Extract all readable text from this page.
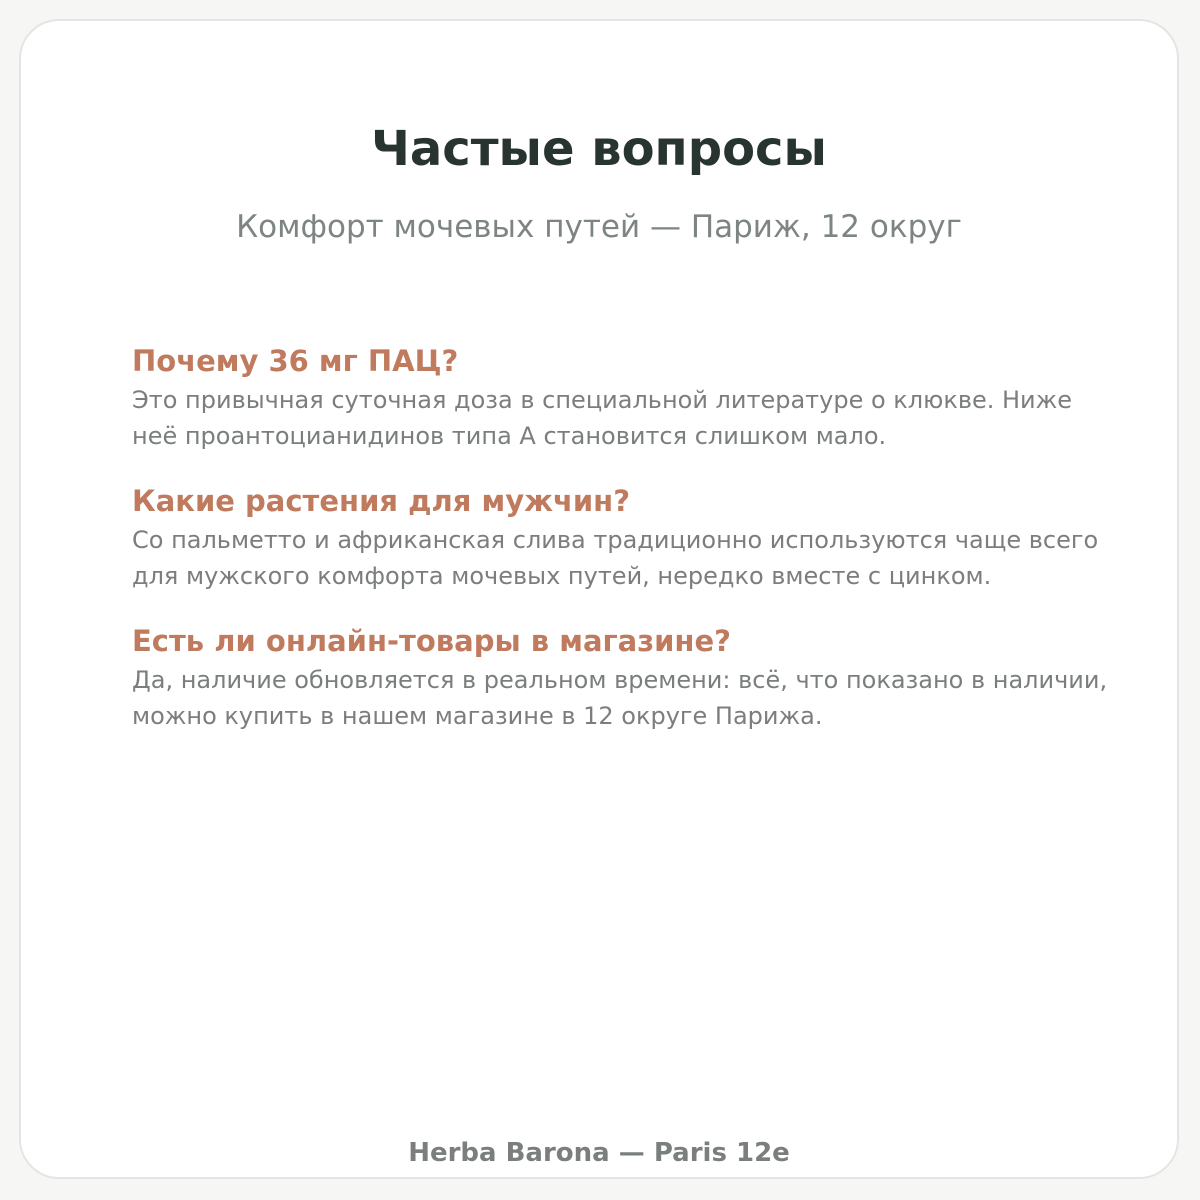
Частые вопросы
Комфорт мочевых путей — Париж, 12 округ
Почему 36 мг ПАЦ?

Это привычная суточная доза в специальной литературе о клюкве. Ниже неё проантоцианидинов типа А становится слишком мало.

Какие растения для мужчин?

Со пальметто и африканская слива традиционно используются чаще всего для мужского комфорта мочевых путей, нередко вместе с цинком.

Есть ли онлайн-товары в магазине?

Да, наличие обновляется в реальном времени: всё, что показано в наличии, можно купить в нашем магазине в 12 округе Парижа.

Herba Barona — Paris 12e
